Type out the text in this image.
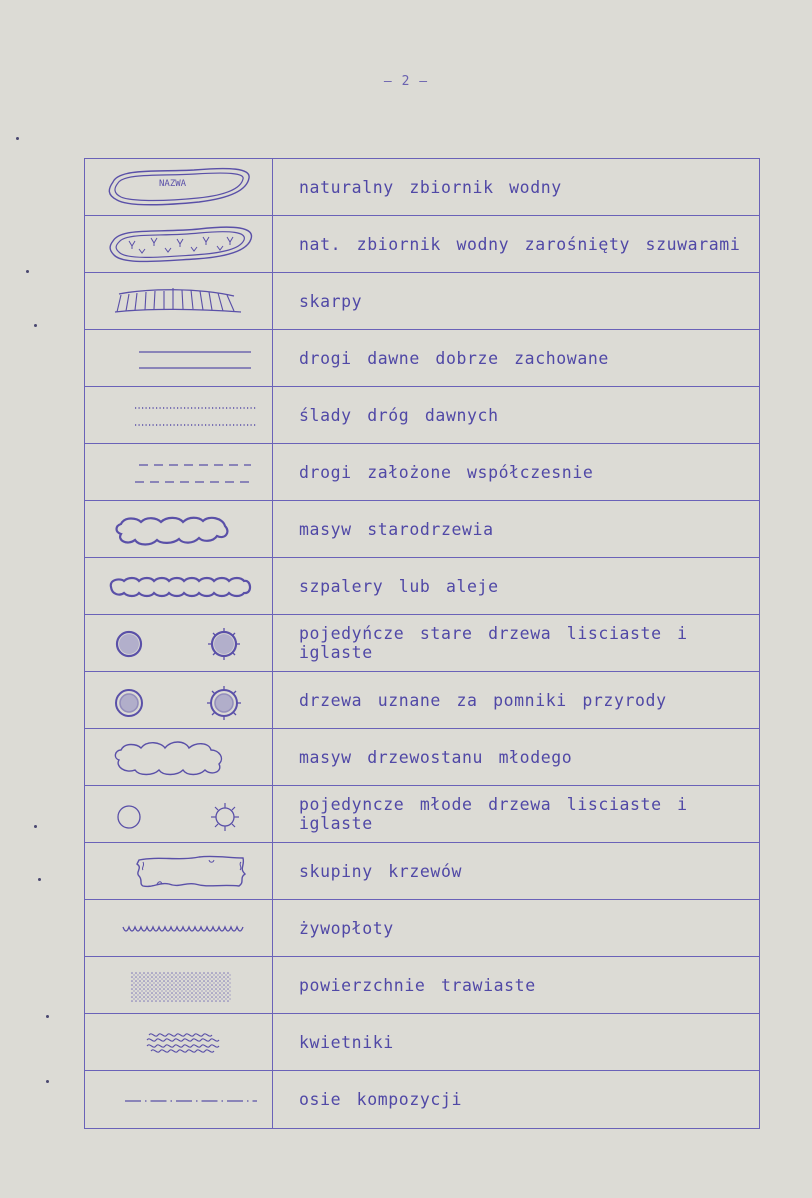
— 2 —
NAZWA	naturalny zbiornik wodny
nat. zbiornik wodny zarośnięty szuwarami
skarpy
drogi dawne dobrze zachowane
ślady dróg dawnych
drogi założone współczesnie
masyw starodrzewia
szpalery lub aleje
pojedyńcze stare drzewa lisciaste i iglaste
drzewa uznane za pomniki przyrody
masyw drzewostanu młodego
pojedyncze młode drzewa lisciaste i iglaste
skupiny krzewów
żywopłoty
powierzchnie trawiaste
kwietniki
osie kompozycji
